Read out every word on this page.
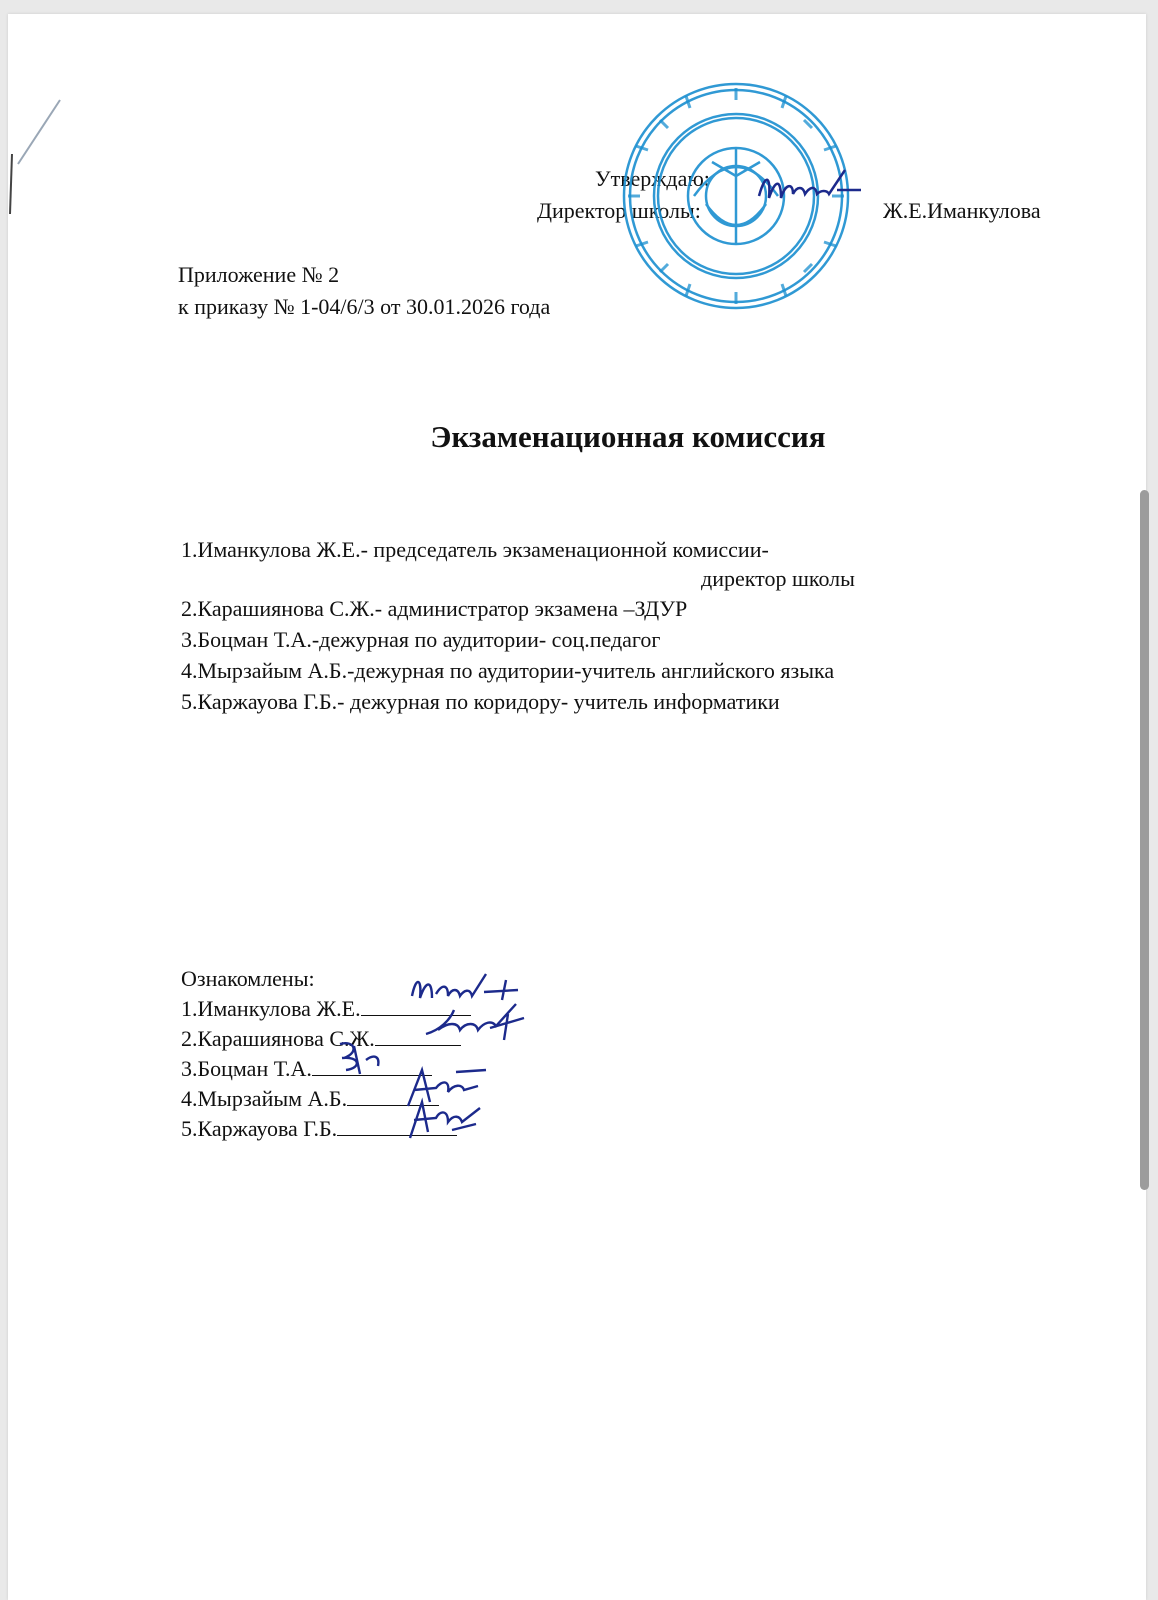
Утверждаю:
Директор школы:	Ж.Е.Иманкулова
Приложение № 2
к приказу № 1-04/6/3 от 30.01.2026 года
Экзаменационная комиссия
1.Иманкулова Ж.Е.- председатель экзаменационной комиссии-
директор школы
2.Карашиянова С.Ж.- администратор экзамена –ЗДУР
3.Боцман Т.А.-дежурная по аудитории- соц.педагог
4.Мырзайым А.Б.-дежурная по аудитории-учитель английского языка
5.Каржауова Г.Б.- дежурная по коридору- учитель информатики
Ознакомлены:
1.Иманкулова Ж.Е.
2.Карашиянова С.Ж.
3.Боцман Т.А.
4.Мырзайым А.Б.
5.Каржауова Г.Б.
